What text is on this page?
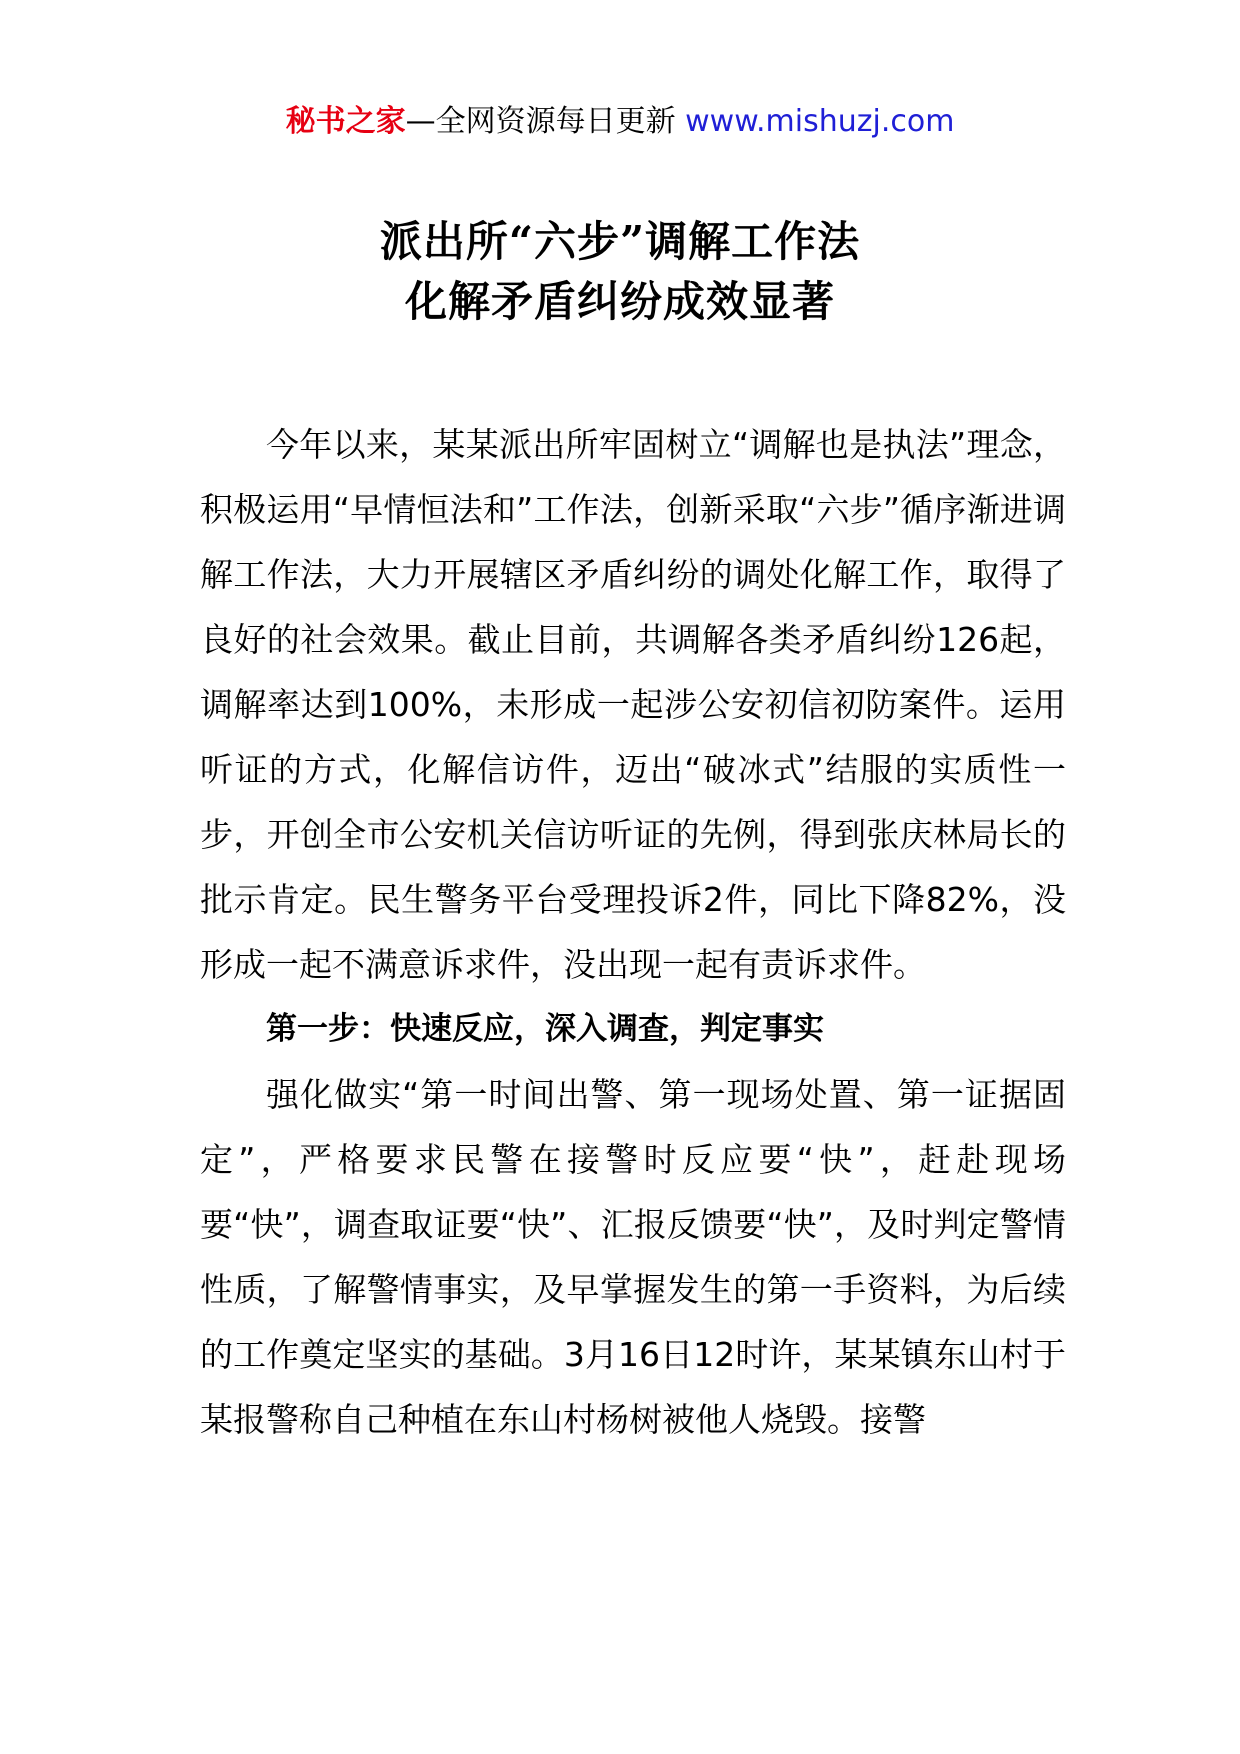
秘书之家—全网资源每日更新 www.mishuzj.com

派出所“六步”调解工作法

化解矛盾纠纷成效显著

今年以来，某某派出所牢固树立“调解也是执法”理念，积极运用“早情恒法和”工作法，创新采取“六步”循序渐进调解工作法，大力开展辖区矛盾纠纷的调处化解工作，取得了良好的社会效果。截止目前，共调解各类矛盾纠纷126起，调解率达到100%，未形成一起涉公安初信初防案件。运用听证的方式，化解信访件，迈出“破冰式”结服的实质性一步，开创全市公安机关信访听证的先例，得到张庆林局长的批示肯定。民生警务平台受理投诉2件，同比下降82%，没形成一起不满意诉求件，没出现一起有责诉求件。

第一步：快速反应，深入调查，判定事实

强化做实“第一时间出警、第一现场处置、第一证据固定”，严格要求民警在接警时反应要“快”，赶赴现场要“快”，调查取证要“快”、汇报反馈要“快”，及时判定警情性质，了解警情事实，及早掌握发生的第一手资料，为后续的工作奠定坚实的基础。3月16日12时许，某某镇东山村于某报警称自己种植在东山村杨树被他人烧毁。接警
